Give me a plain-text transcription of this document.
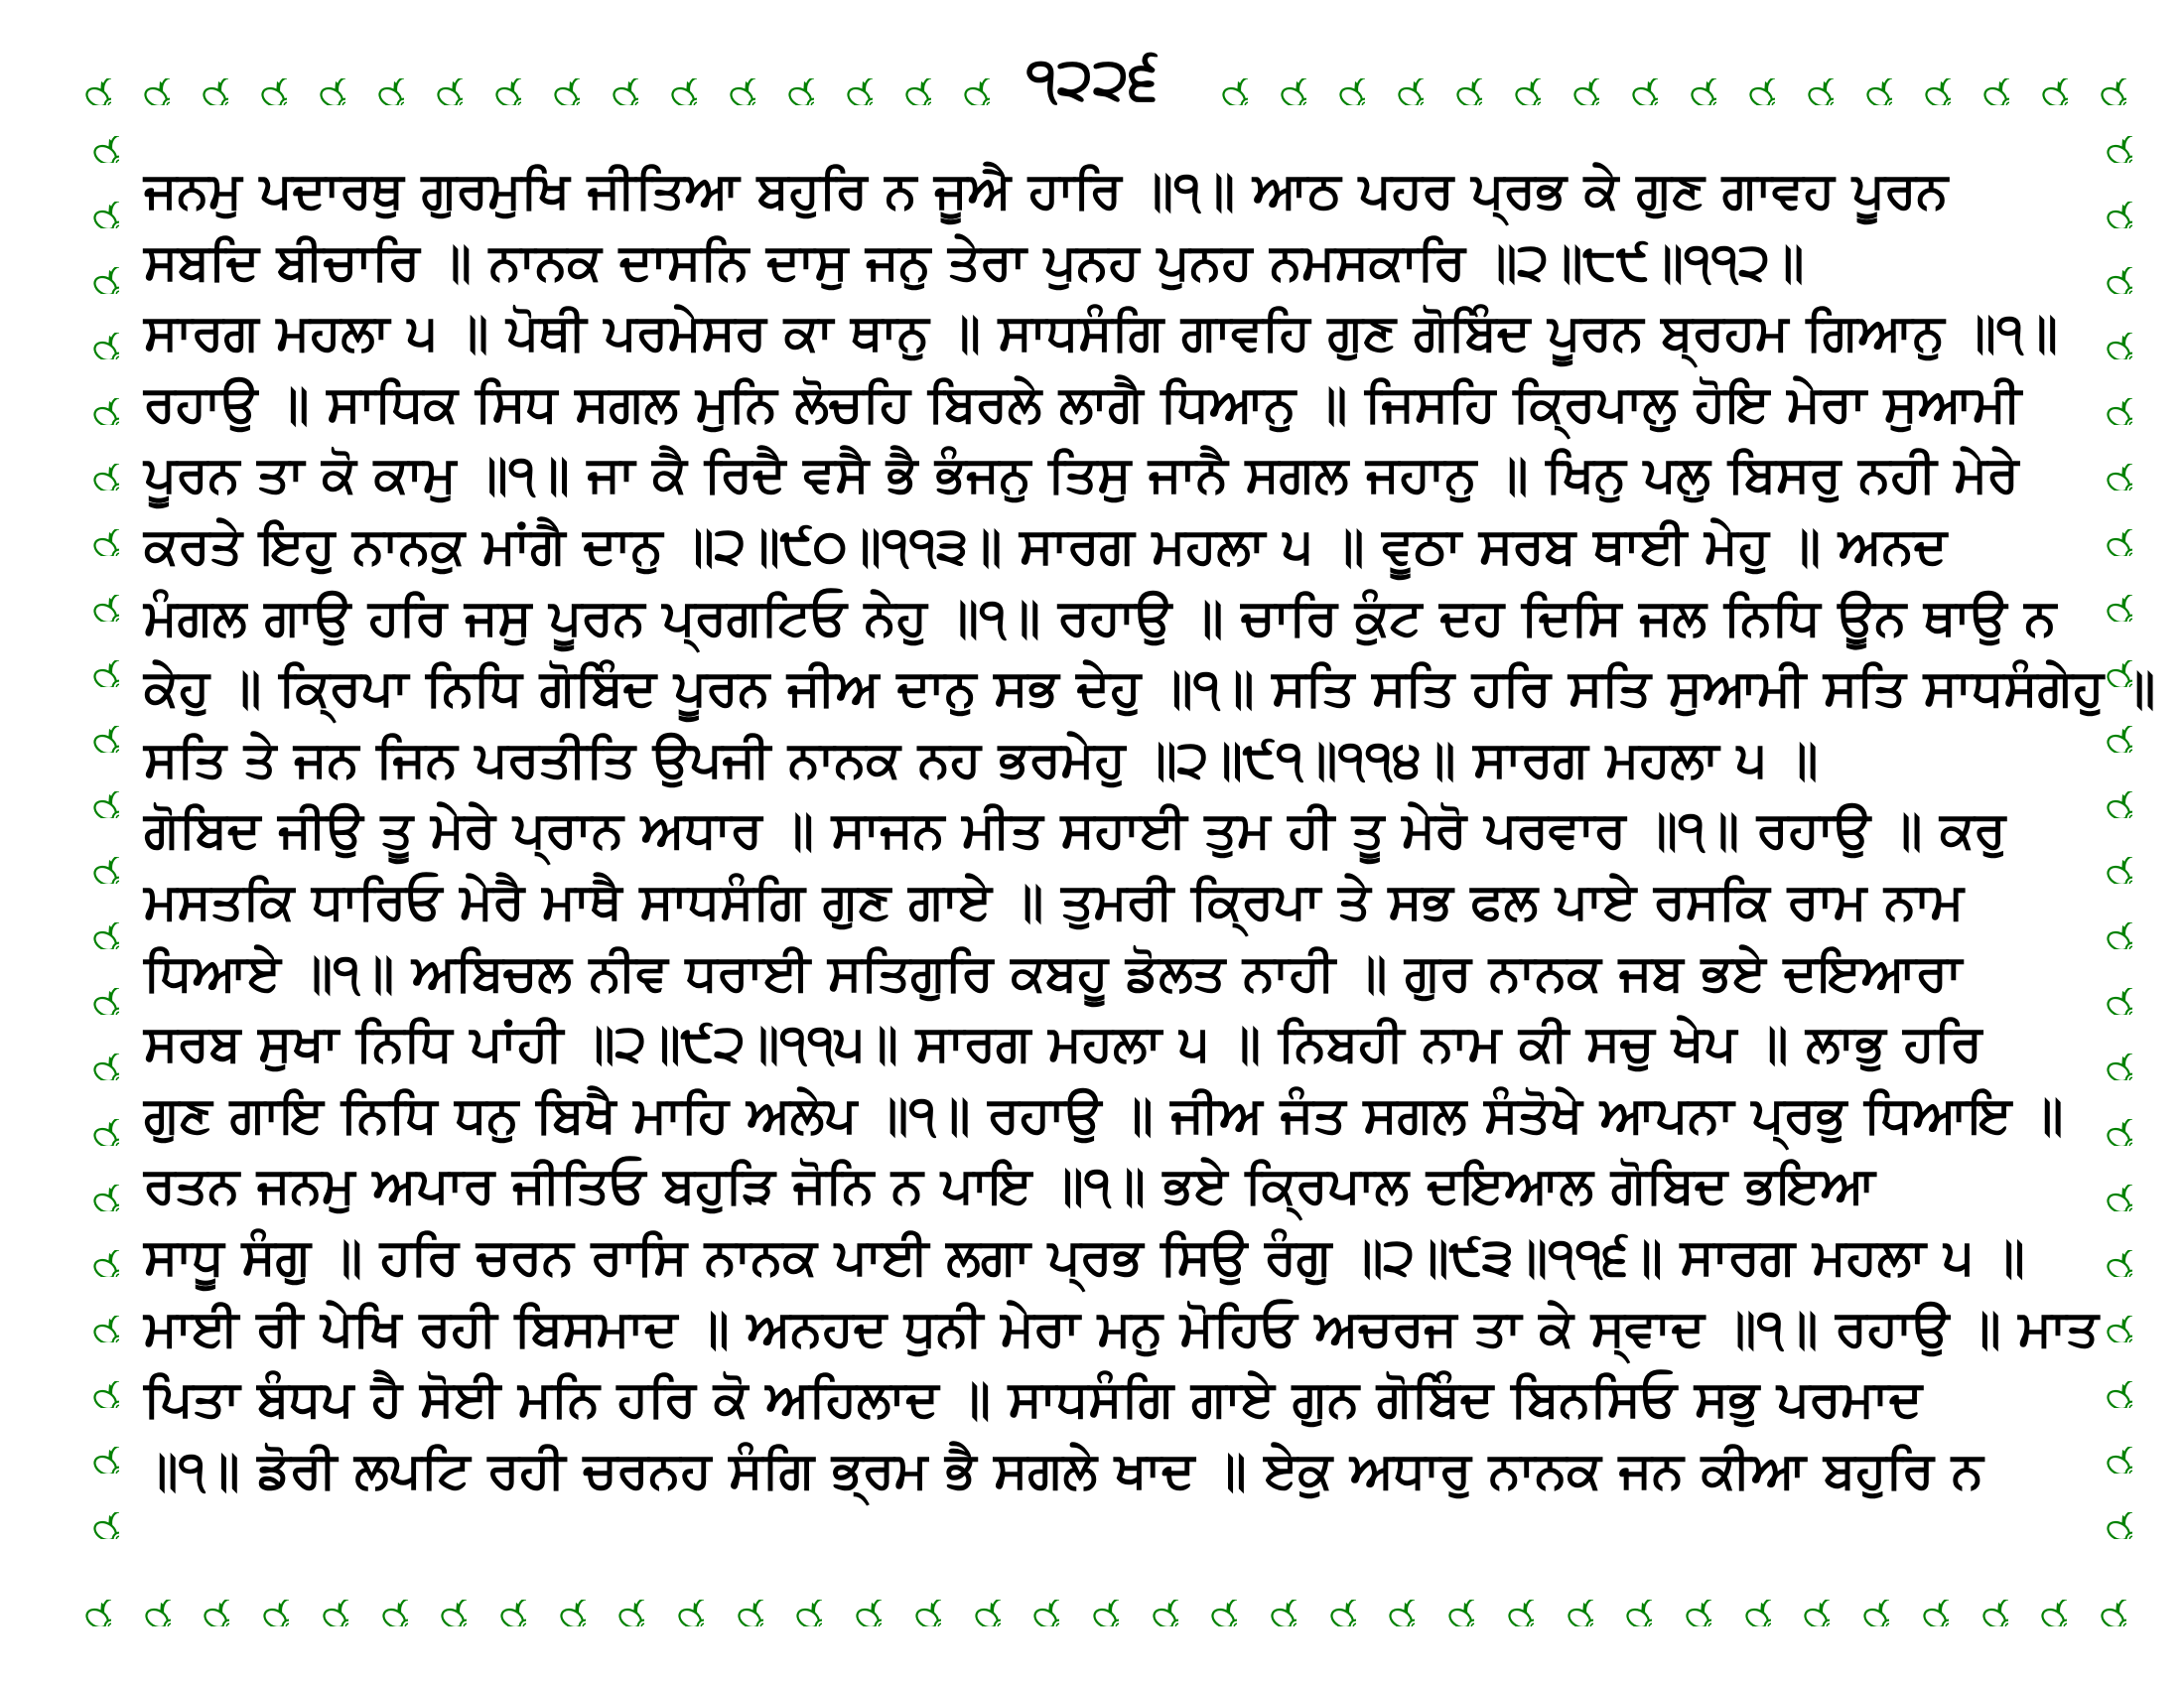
੧੨੨੬
ਜਨਮੁ ਪਦਾਰਥੁ ਗੁਰਮੁਖਿ ਜੀਤਿਆ ਬਹੁਰਿ ਨ ਜੂਐ ਹਾਰਿ ॥੧॥ ਆਠ ਪਹਰ ਪ੍ਰਭ ਕੇ ਗੁਣ ਗਾਵਹ ਪੂਰਨ
ਸਬਦਿ ਬੀਚਾਰਿ ॥ ਨਾਨਕ ਦਾਸਨਿ ਦਾਸੁ ਜਨੁ ਤੇਰਾ ਪੁਨਹ ਪੁਨਹ ਨਮਸਕਾਰਿ ॥੨॥੮੯॥੧੧੨॥
ਸਾਰਗ ਮਹਲਾ ੫ ॥ ਪੋਥੀ ਪਰਮੇਸਰ ਕਾ ਥਾਨੁ ॥ ਸਾਧਸੰਗਿ ਗਾਵਹਿ ਗੁਣ ਗੋਬਿੰਦ ਪੂਰਨ ਬ੍ਰਹਮ ਗਿਆਨੁ ॥੧॥
ਰਹਾਉ ॥ ਸਾਧਿਕ ਸਿਧ ਸਗਲ ਮੁਨਿ ਲੋਚਹਿ ਬਿਰਲੇ ਲਾਗੈ ਧਿਆਨੁ ॥ ਜਿਸਹਿ ਕ੍ਰਿਪਾਲੁ ਹੋਇ ਮੇਰਾ ਸੁਆਮੀ
ਪੂਰਨ ਤਾ ਕੋ ਕਾਮੁ ॥੧॥ ਜਾ ਕੈ ਰਿਦੈ ਵਸੈ ਭੈ ਭੰਜਨੁ ਤਿਸੁ ਜਾਨੈ ਸਗਲ ਜਹਾਨੁ ॥ ਖਿਨੁ ਪਲੁ ਬਿਸਰੁ ਨਹੀ ਮੇਰੇ
ਕਰਤੇ ਇਹੁ ਨਾਨਕੁ ਮਾਂਗੈ ਦਾਨੁ ॥੨॥੯੦॥੧੧੩॥ ਸਾਰਗ ਮਹਲਾ ੫ ॥ ਵੂਠਾ ਸਰਬ ਥਾਈ ਮੇਹੁ ॥ ਅਨਦ
ਮੰਗਲ ਗਾਉ ਹਰਿ ਜਸੁ ਪੂਰਨ ਪ੍ਰਗਟਿਓ ਨੇਹੁ ॥੧॥ ਰਹਾਉ ॥ ਚਾਰਿ ਕੁੰਟ ਦਹ ਦਿਸਿ ਜਲ ਨਿਧਿ ਊਨ ਥਾਉ ਨ
ਕੇਹੁ ॥ ਕ੍ਰਿਪਾ ਨਿਧਿ ਗੋਬਿੰਦ ਪੂਰਨ ਜੀਅ ਦਾਨੁ ਸਭ ਦੇਹੁ ॥੧॥ ਸਤਿ ਸਤਿ ਹਰਿ ਸਤਿ ਸੁਆਮੀ ਸਤਿ ਸਾਧਸੰਗੇਹੁ ॥
ਸਤਿ ਤੇ ਜਨ ਜਿਨ ਪਰਤੀਤਿ ਉਪਜੀ ਨਾਨਕ ਨਹ ਭਰਮੇਹੁ ॥੨॥੯੧॥੧੧੪॥ ਸਾਰਗ ਮਹਲਾ ੫ ॥
ਗੋਬਿਦ ਜੀਉ ਤੂ ਮੇਰੇ ਪ੍ਰਾਨ ਅਧਾਰ ॥ ਸਾਜਨ ਮੀਤ ਸਹਾਈ ਤੁਮ ਹੀ ਤੂ ਮੇਰੋ ਪਰਵਾਰ ॥੧॥ ਰਹਾਉ ॥ ਕਰੁ
ਮਸਤਕਿ ਧਾਰਿਓ ਮੇਰੈ ਮਾਥੈ ਸਾਧਸੰਗਿ ਗੁਣ ਗਾਏ ॥ ਤੁਮਰੀ ਕ੍ਰਿਪਾ ਤੇ ਸਭ ਫਲ ਪਾਏ ਰਸਕਿ ਰਾਮ ਨਾਮ
ਧਿਆਏ ॥੧॥ ਅਬਿਚਲ ਨੀਵ ਧਰਾਈ ਸਤਿਗੁਰਿ ਕਬਹੂ ਡੋਲਤ ਨਾਹੀ ॥ ਗੁਰ ਨਾਨਕ ਜਬ ਭਏ ਦਇਆਰਾ
ਸਰਬ ਸੁਖਾ ਨਿਧਿ ਪਾਂਹੀ ॥੨॥੯੨॥੧੧੫॥ ਸਾਰਗ ਮਹਲਾ ੫ ॥ ਨਿਬਹੀ ਨਾਮ ਕੀ ਸਚੁ ਖੇਪ ॥ ਲਾਭੁ ਹਰਿ
ਗੁਣ ਗਾਇ ਨਿਧਿ ਧਨੁ ਬਿਖੈ ਮਾਹਿ ਅਲੇਪ ॥੧॥ ਰਹਾਉ ॥ ਜੀਅ ਜੰਤ ਸਗਲ ਸੰਤੋਖੇ ਆਪਨਾ ਪ੍ਰਭੁ ਧਿਆਇ ॥
ਰਤਨ ਜਨਮੁ ਅਪਾਰ ਜੀਤਿਓ ਬਹੁੜਿ ਜੋਨਿ ਨ ਪਾਇ ॥੧॥ ਭਏ ਕ੍ਰਿਪਾਲ ਦਇਆਲ ਗੋਬਿਦ ਭਇਆ
ਸਾਧੂ ਸੰਗੁ ॥ ਹਰਿ ਚਰਨ ਰਾਸਿ ਨਾਨਕ ਪਾਈ ਲਗਾ ਪ੍ਰਭ ਸਿਉ ਰੰਗੁ ॥੨॥੯੩॥੧੧੬॥ ਸਾਰਗ ਮਹਲਾ ੫ ॥
ਮਾਈ ਰੀ ਪੇਖਿ ਰਹੀ ਬਿਸਮਾਦ ॥ ਅਨਹਦ ਧੁਨੀ ਮੇਰਾ ਮਨੁ ਮੋਹਿਓ ਅਚਰਜ ਤਾ ਕੇ ਸ੍ਵਾਦ ॥੧॥ ਰਹਾਉ ॥ ਮਾਤ
ਪਿਤਾ ਬੰਧਪ ਹੈ ਸੋਈ ਮਨਿ ਹਰਿ ਕੋ ਅਹਿਲਾਦ ॥ ਸਾਧਸੰਗਿ ਗਾਏ ਗੁਨ ਗੋਬਿੰਦ ਬਿਨਸਿਓ ਸਭੁ ਪਰਮਾਦ
॥੧॥ ਡੋਰੀ ਲਪਟਿ ਰਹੀ ਚਰਨਹ ਸੰਗਿ ਭ੍ਰਮ ਭੈ ਸਗਲੇ ਖਾਦ ॥ ਏਕੁ ਅਧਾਰੁ ਨਾਨਕ ਜਨ ਕੀਆ ਬਹੁਰਿ ਨ
